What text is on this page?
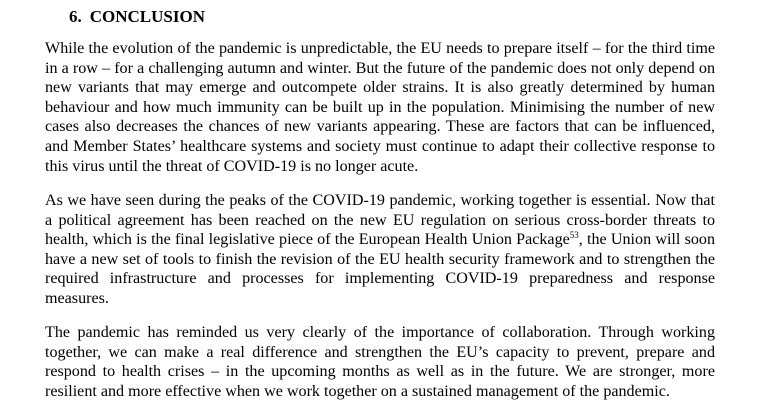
6. CONCLUSION

While the evolution of the pandemic is unpredictable, the EU needs to prepare itself – for the third time in a row – for a challenging autumn and winter. But the future of the pandemic does not only depend on new variants that may emerge and outcompete older strains. It is also greatly determined by human behaviour and how much immunity can be built up in the population. Minimising the number of new cases also decreases the chances of new variants appearing. These are factors that can be influenced, and Member States’ healthcare systems and society must continue to adapt their collective response to this virus until the threat of COVID-19 is no longer acute.

As we have seen during the peaks of the COVID-19 pandemic, working together is essential. Now that a political agreement has been reached on the new EU regulation on serious cross-border threats to health, which is the final legislative piece of the European Health Union Package$^{53}$, the Union will soon have a new set of tools to finish the revision of the EU health security framework and to strengthen the required infrastructure and processes for implementing COVID-19 preparedness and response measures.

The pandemic has reminded us very clearly of the importance of collaboration. Through working together, we can make a real difference and strengthen the EU’s capacity to prevent, prepare and respond to health crises – in the upcoming months as well as in the future. We are stronger, more resilient and more effective when we work together on a sustained management of the pandemic.
